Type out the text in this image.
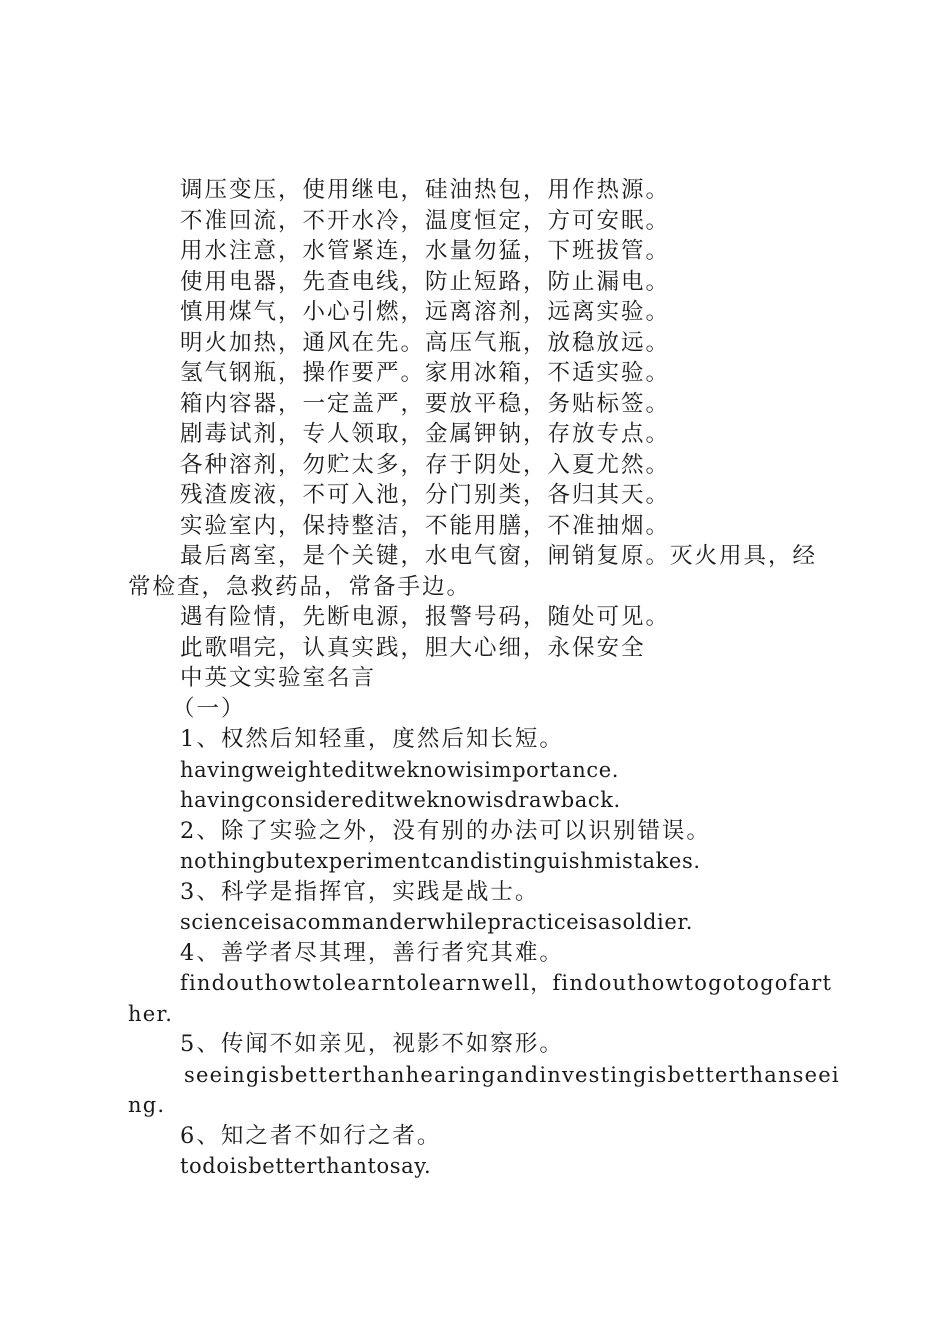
调压变压，使用继电，硅油热包，用作热源。
不准回流，不开水冷，温度恒定，方可安眠。
用水注意，水管紧连，水量勿猛，下班拔管。
使用电器，先查电线，防止短路，防止漏电。
慎用煤气，小心引燃，远离溶剂，远离实验。
明火加热，通风在先。高压气瓶，放稳放远。
氢气钢瓶，操作要严。家用冰箱，不适实验。
箱内容器，一定盖严，要放平稳，务贴标签。
剧毒试剂，专人领取，金属钾钠，存放专点。
各种溶剂，勿贮太多，存于阴处，入夏尤然。
残渣废液，不可入池，分门别类，各归其天。
实验室内，保持整洁，不能用膳，不准抽烟。
最后离室，是个关键，水电气窗，闸销复原。灭火用具，经常检查，急救药品，常备手边。
遇有险情，先断电源，报警号码，随处可见。
此歌唱完，认真实践，胆大心细，永保安全
中英文实验室名言
（一）
1、权然后知轻重，度然后知长短。
havingweighteditweknowisimportance.
havingconsidereditweknowisdrawback.
2、除了实验之外，没有别的办法可以识别错误。
nothingbutexperimentcandistinguishmistakes.
3、科学是指挥官，实践是战士。
scienceisacommanderwhilepracticeisasoldier.
4、善学者尽其理，善行者究其难。
findouthowtolearntolearnwell，findouthowtogotogofarther.
5、传闻不如亲见，视影不如察形。
seeingisbetterthanhearingandinvestingisbetterthanseeing.
6、知之者不如行之者。
todoisbetterthantosay.
